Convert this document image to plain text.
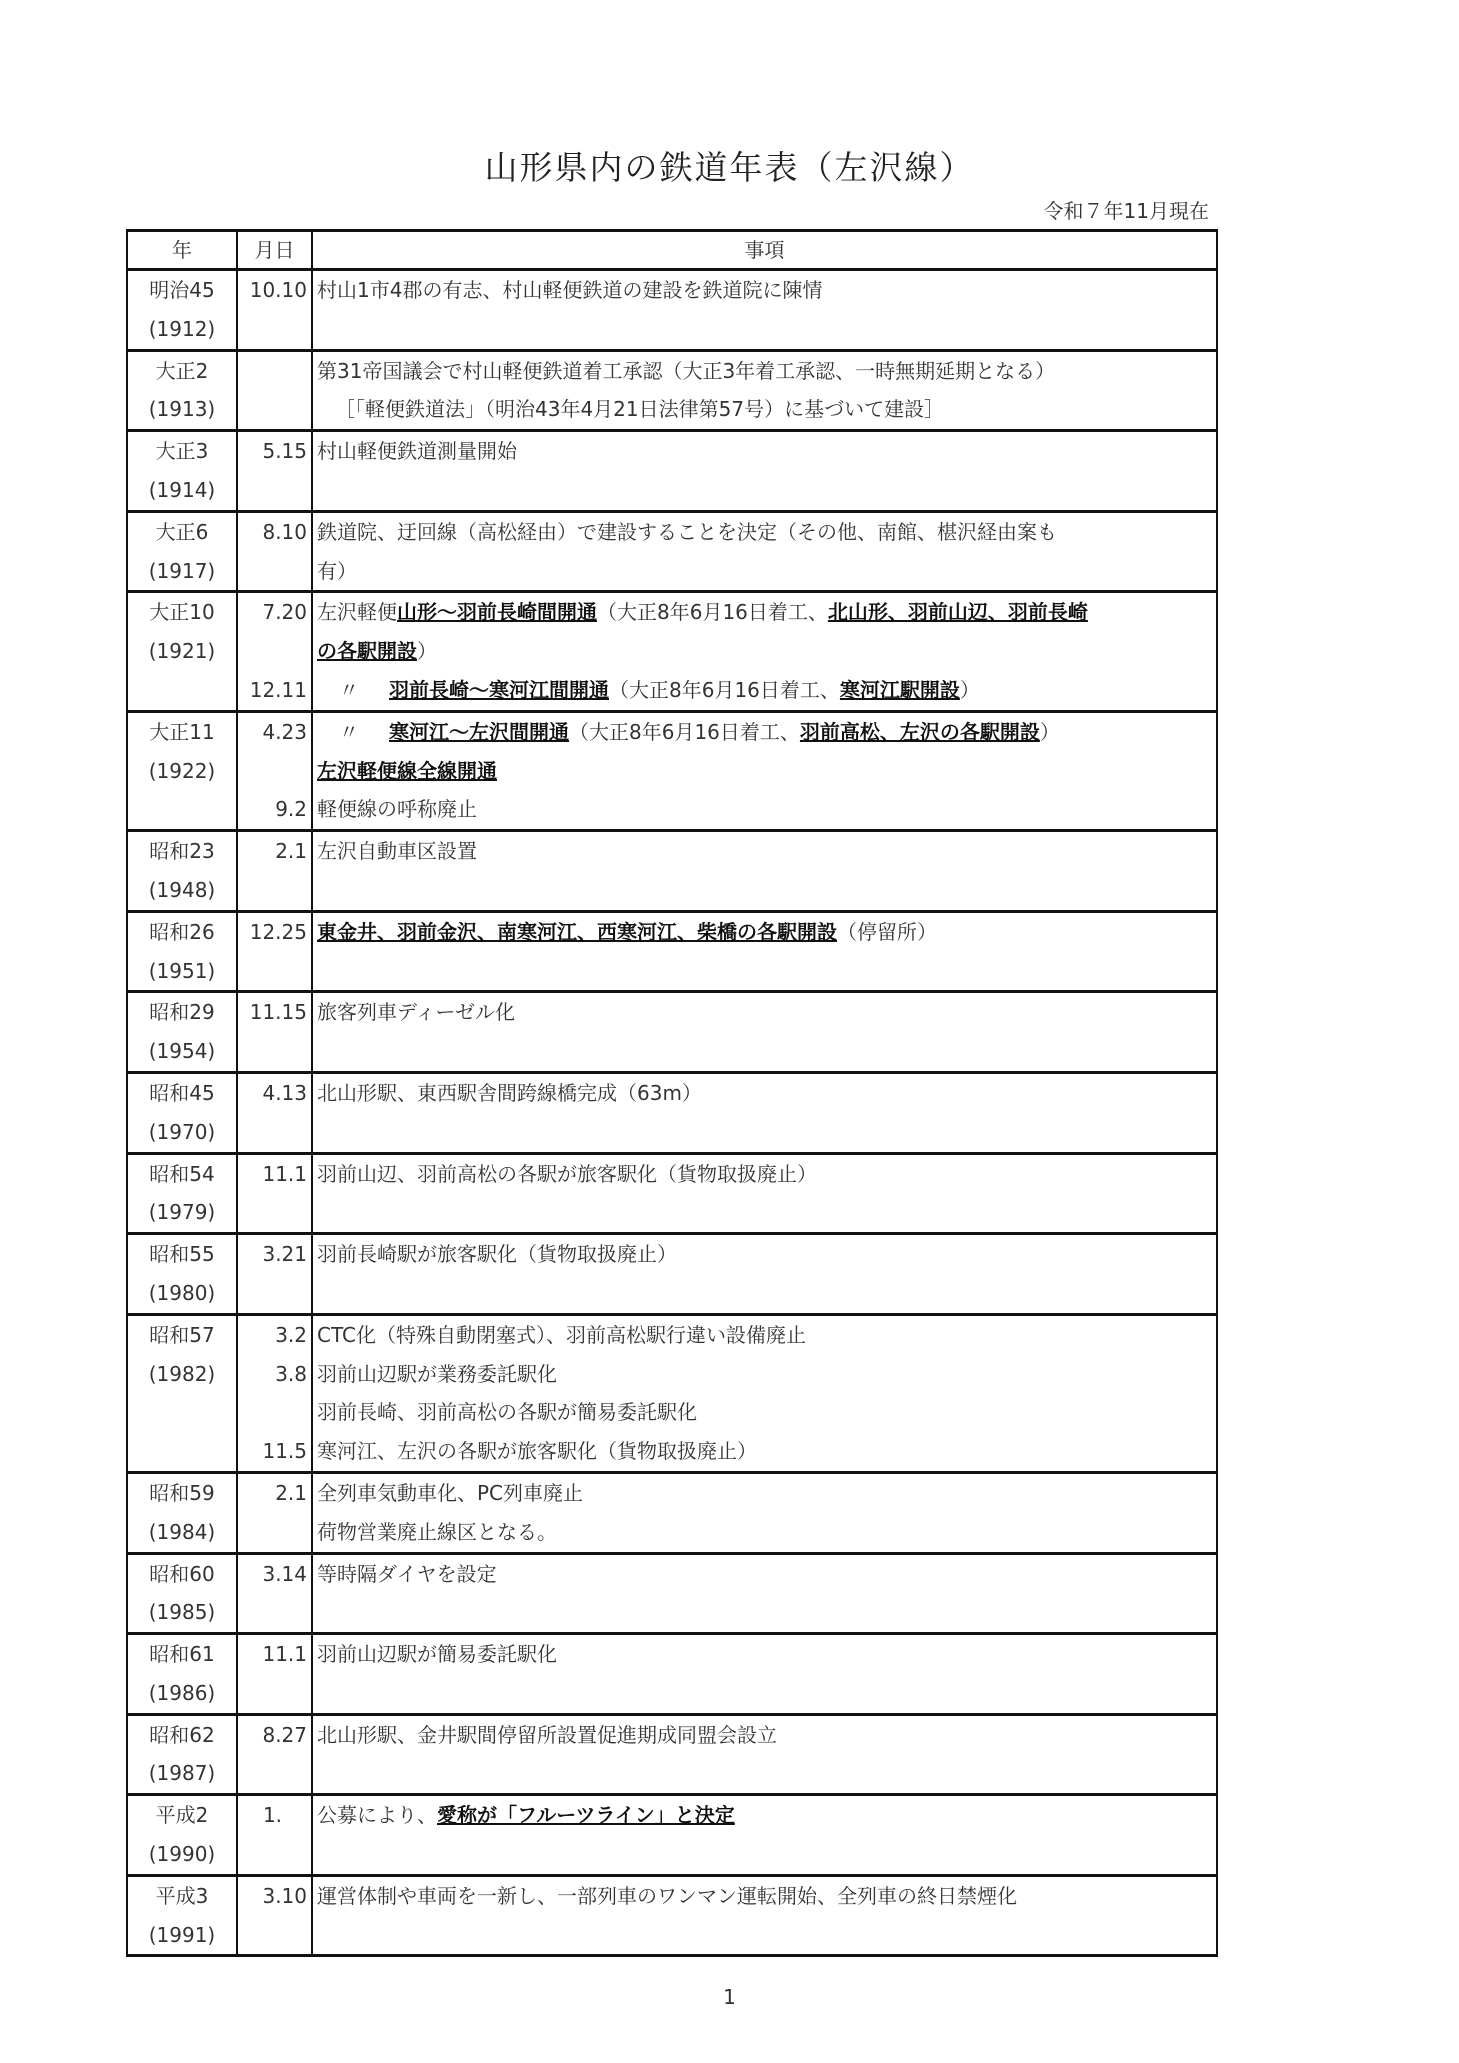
山形県内の鉄道年表（左沢線）
令和７年11月現在
年	月日	事項
明治45	10.10	村山1市4郡の有志、村山軽便鉄道の建設を鉄道院に陳情
(1912)		
大正2		第31帝国議会で村山軽便鉄道着工承認（大正3年着工承認、一時無期延期となる）
(1913)		［「軽便鉄道法」（明治43年4月21日法律第57号）に基づいて建設］
大正3	5.15	村山軽便鉄道測量開始
(1914)		
大正6	8.10	鉄道院、迂回線（高松経由）で建設することを決定（その他、南館、椹沢経由案も
(1917)		有）
大正10	7.20	左沢軽便山形～羽前長崎間開通（大正8年6月16日着工、北山形、羽前山辺、羽前長崎
(1921)		の各駅開設）
	12.11	〃 羽前長崎～寒河江間開通（大正8年6月16日着工、寒河江駅開設）
大正11	4.23	〃 寒河江～左沢間開通（大正8年6月16日着工、羽前高松、左沢の各駅開設）
(1922)		左沢軽便線全線開通
	9.2	軽便線の呼称廃止
昭和23	2.1	左沢自動車区設置
(1948)		
昭和26	12.25	東金井、羽前金沢、南寒河江、西寒河江、柴橋の各駅開設（停留所）
(1951)		
昭和29	11.15	旅客列車ディーゼル化
(1954)		
昭和45	4.13	北山形駅、東西駅舎間跨線橋完成（63m）
(1970)		
昭和54	11.1	羽前山辺、羽前高松の各駅が旅客駅化（貨物取扱廃止）
(1979)		
昭和55	3.21	羽前長崎駅が旅客駅化（貨物取扱廃止）
(1980)		
昭和57	3.2	CTC化（特殊自動閉塞式）、羽前高松駅行違い設備廃止
(1982)	3.8	羽前山辺駅が業務委託駅化
		羽前長崎、羽前高松の各駅が簡易委託駅化
	11.5	寒河江、左沢の各駅が旅客駅化（貨物取扱廃止）
昭和59	2.1	全列車気動車化、PC列車廃止
(1984)		荷物営業廃止線区となる。
昭和60	3.14	等時隔ダイヤを設定
(1985)		
昭和61	11.1	羽前山辺駅が簡易委託駅化
(1986)		
昭和62	8.27	北山形駅、金井駅間停留所設置促進期成同盟会設立
(1987)		
平成2	1.	公募により、愛称が「フルーツライン」と決定
(1990)		
平成3	3.10	運営体制や車両を一新し、一部列車のワンマン運転開始、全列車の終日禁煙化
(1991)		
1
